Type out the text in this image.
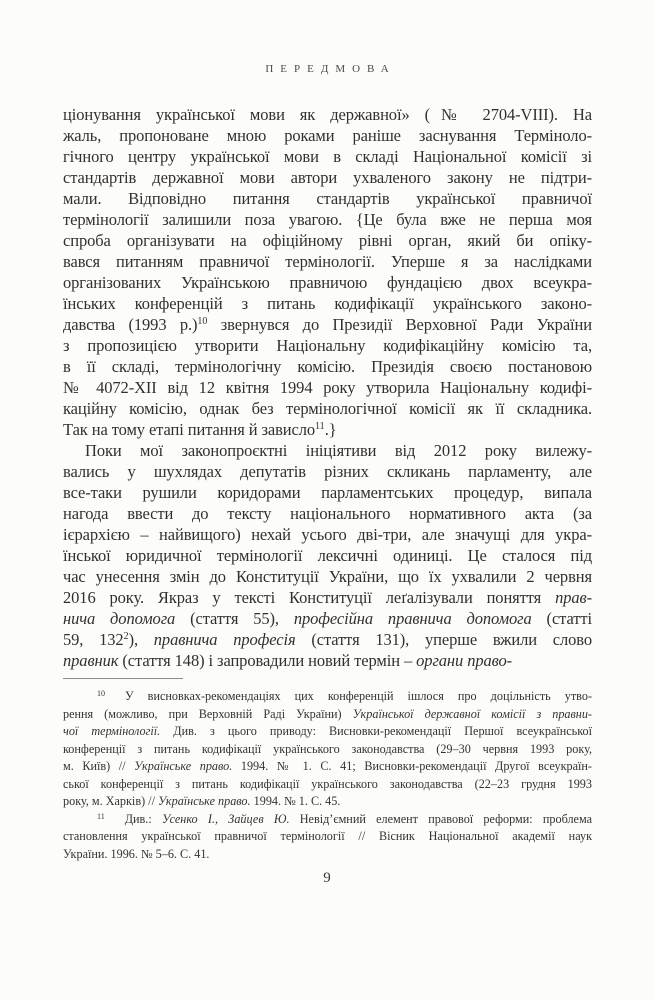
ПЕРЕДМОВА
ціонування української мови як державної» (№ 2704-VIII). На
жаль, пропоноване мною роками раніше заснування Терміноло-
гічного центру української мови в складі Національної комісії зі
стандартів державної мови автори ухваленого закону не підтри-
мали. Відповідно питання стандартів української правничої
термінології залишили поза увагою. {Це була вже не перша моя
спроба організувати на офіційному рівні орган, який би опіку-
вався питанням правничої термінології. Уперше я за наслідками
організованих Українською правничою фундацією двох всеукра-
їнських конференцій з питань кодифікації українського законо-
давства (1993 р.)$^{10}$ звернувся до Президії Верховної Ради України
з пропозицією утворити Національну кодифікаційну комісію та,
в її складі, термінологічну комісію. Президія своєю постановою
№ 4072-XII від 12 квітня 1994 року утворила Національну кодифі-
каційну комісію, однак без термінологічної комісії як її складника.
Так на тому етапі питання й зависло$^{11}$.}
Поки мої законопроєктні ініціятиви від 2012 року вилежу-
вались у шухлядах депутатів різних скликань парламенту, але
все-таки рушили коридорами парламентських процедур, випала
нагода ввести до тексту національного нормативного акта (за
ієрархією – найвищого) нехай усього дві-три, але значущі для укра-
їнської юридичної термінології лексичні одиниці. Це сталося під
час унесення змін до Конституції України, що їх ухвалили 2 червня
2016 року. Якраз у тексті Конституції леґалізували поняття прав-
нича допомога (стаття 55), професійна правнича допомога (статті
59, $132^2$), правнича професія (стаття 131), уперше вжили слово
правник (стаття 148) і запровадили новий термін – органи право-
$^{10}$ У висновках-рекомендаціях цих конференцій ішлося про доцільність утво-
рення (можливо, при Верховній Раді України) Української державної комісії з правни-
чої термінології. Див. з цього приводу: Висновки-рекомендації Першої всеукраїнської
конференції з питань кодифікації українського законодавства (29–30 червня 1993 року,
м. Київ) // Українське право. 1994. № 1. С. 41; Висновки-рекомендації Другої всеукраїн-
ської конференції з питань кодифікації українського законодавства (22–23 грудня 1993
року, м. Харків) // Українське право. 1994. № 1. С. 45.
$^{11}$ Див.: Усенко І., Зайцев Ю. Невід’ємний елемент правової реформи: проблема
становлення української правничої термінології // Вісник Національної академії наук
України. 1996. № 5–6. С. 41.
9
